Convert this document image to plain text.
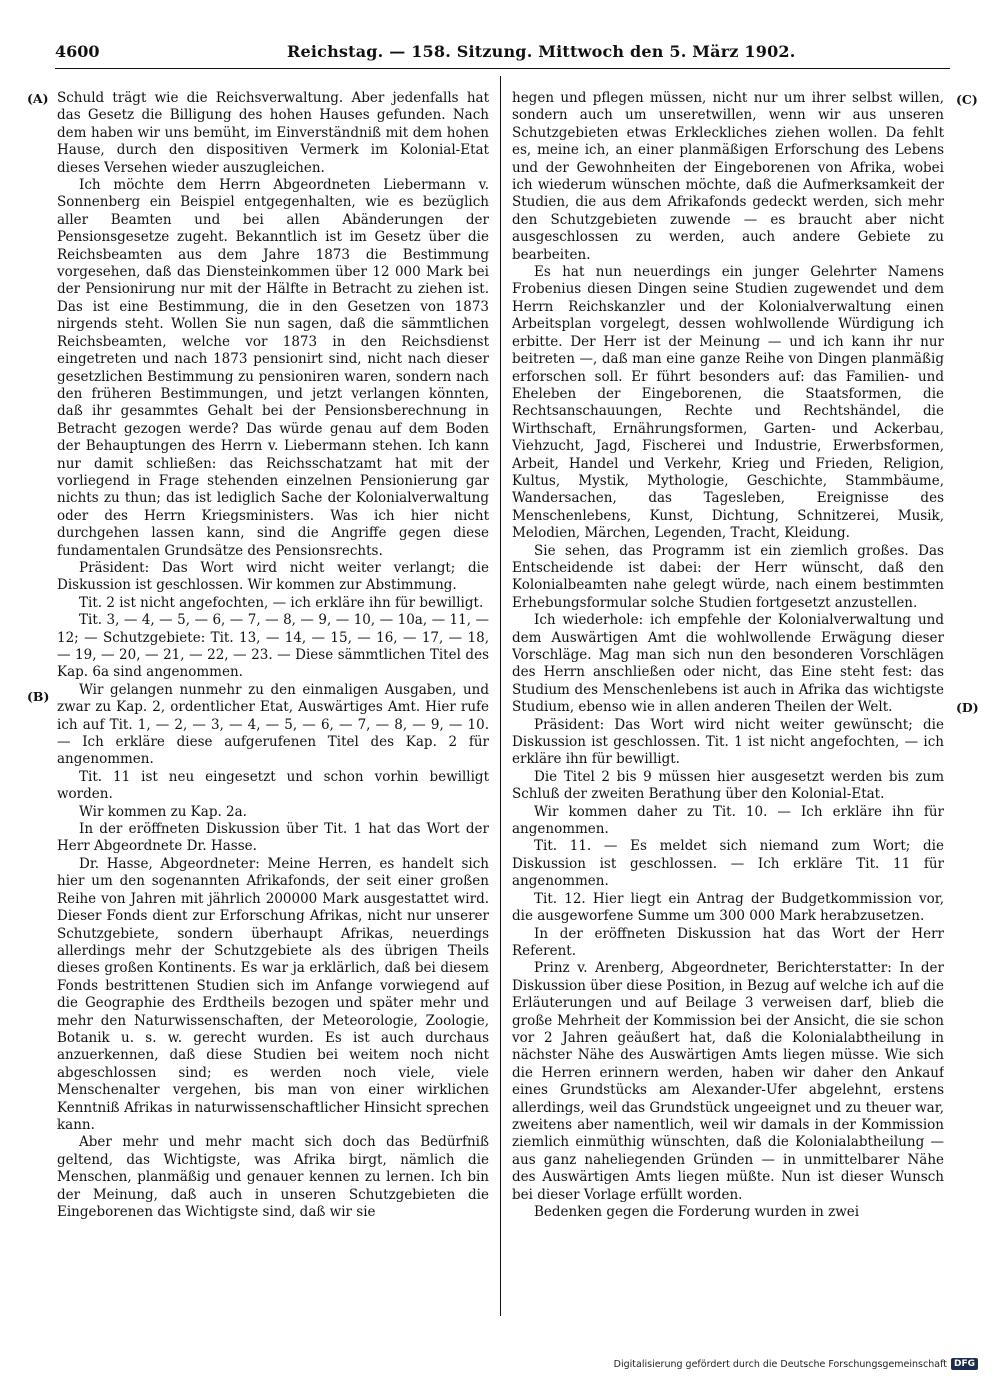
4600	Reichstag. — 158. Sitzung. Mittwoch den 5. März 1902.
(A)
(B)
(C)
(D)

Schuld trägt wie die Reichsverwaltung. Aber jedenfalls hat das Gesetz die Billigung des hohen Hauses gefunden. Nach dem haben wir uns bemüht, im Einverständniß mit dem hohen Hause, durch den dispositiven Vermerk im Kolonial-Etat dieses Versehen wieder auszugleichen.

Ich möchte dem Herrn Abgeordneten Liebermann v. Sonnenberg ein Beispiel entgegenhalten, wie es bezüglich aller Beamten und bei allen Abänderungen der Pensionsgesetze zugeht. Bekanntlich ist im Gesetz über die Reichsbeamten aus dem Jahre 1873 die Bestimmung vorgesehen, daß das Diensteinkommen über 12 000 Mark bei der Pensionirung nur mit der Hälfte in Betracht zu ziehen ist. Das ist eine Bestimmung, die in den Gesetzen von 1873 nirgends steht. Wollen Sie nun sagen, daß die sämmtlichen Reichsbeamten, welche vor 1873 in den Reichsdienst eingetreten und nach 1873 pensionirt sind, nicht nach dieser gesetzlichen Bestimmung zu pensioniren waren, sondern nach den früheren Bestimmungen, und jetzt verlangen könnten, daß ihr gesammtes Gehalt bei der Pensionsberechnung in Betracht gezogen werde? Das würde genau auf dem Boden der Behauptungen des Herrn v. Liebermann stehen. Ich kann nur damit schließen: das Reichsschatzamt hat mit der vorliegend in Frage stehenden einzelnen Pensionierung gar nichts zu thun; das ist lediglich Sache der Kolonialverwaltung oder des Herrn Kriegsministers. Was ich hier nicht durchgehen lassen kann, sind die Angriffe gegen diese fundamentalen Grundsätze des Pensionsrechts.

Präsident: Das Wort wird nicht weiter verlangt; die Diskussion ist geschlossen. Wir kommen zur Abstimmung.

Tit. 2 ist nicht angefochten, — ich erkläre ihn für bewilligt.

Tit. 3, — 4, — 5, — 6, — 7, — 8, — 9, — 10, — 10a, — 11, — 12; — Schutzgebiete: Tit. 13, — 14, — 15, — 16, — 17, — 18, — 19, — 20, — 21, — 22, — 23. — Diese sämmtlichen Titel des Kap. 6a sind angenommen.

Wir gelangen nunmehr zu den einmaligen Ausgaben, und zwar zu Kap. 2, ordentlicher Etat, Auswärtiges Amt. Hier rufe ich auf Tit. 1, — 2, — 3, — 4, — 5, — 6, — 7, — 8, — 9, — 10. — Ich erkläre diese aufgerufenen Titel des Kap. 2 für angenommen.

Tit. 11 ist neu eingesetzt und schon vorhin bewilligt worden.

Wir kommen zu Kap. 2a.

In der eröffneten Diskussion über Tit. 1 hat das Wort der Herr Abgeordnete Dr. Hasse.

Dr. Hasse, Abgeordneter: Meine Herren, es handelt sich hier um den sogenannten Afrikafonds, der seit einer großen Reihe von Jahren mit jährlich 200000 Mark ausgestattet wird. Dieser Fonds dient zur Erforschung Afrikas, nicht nur unserer Schutzgebiete, sondern überhaupt Afrikas, neuerdings allerdings mehr der Schutzgebiete als des übrigen Theils dieses großen Kontinents. Es war ja erklärlich, daß bei diesem Fonds bestrittenen Studien sich im Anfange vorwiegend auf die Geographie des Erdtheils bezogen und später mehr und mehr den Naturwissenschaften, der Meteorologie, Zoologie, Botanik u. s. w. gerecht wurden. Es ist auch durchaus anzuerkennen, daß diese Studien bei weitem noch nicht abgeschlossen sind; es werden noch viele, viele Menschenalter vergehen, bis man von einer wirklichen Kenntniß Afrikas in naturwissenschaftlicher Hinsicht sprechen kann.

Aber mehr und mehr macht sich doch das Bedürfniß geltend, das Wichtigste, was Afrika birgt, nämlich die Menschen, planmäßig und genauer kennen zu lernen. Ich bin der Meinung, daß auch in unseren Schutzgebieten die Eingeborenen das Wichtigste sind, daß wir sie

hegen und pflegen müssen, nicht nur um ihrer selbst willen, sondern auch um unseretwillen, wenn wir aus unseren Schutzgebieten etwas Erkleckliches ziehen wollen. Da fehlt es, meine ich, an einer planmäßigen Erforschung des Lebens und der Gewohnheiten der Eingeborenen von Afrika, wobei ich wiederum wünschen möchte, daß die Aufmerksamkeit der Studien, die aus dem Afrikafonds gedeckt werden, sich mehr den Schutzgebieten zuwende — es braucht aber nicht ausgeschlossen zu werden, auch andere Gebiete zu bearbeiten.

Es hat nun neuerdings ein junger Gelehrter Namens Frobenius diesen Dingen seine Studien zugewendet und dem Herrn Reichskanzler und der Kolonialverwaltung einen Arbeitsplan vorgelegt, dessen wohlwollende Würdigung ich erbitte. Der Herr ist der Meinung — und ich kann ihr nur beitreten —, daß man eine ganze Reihe von Dingen planmäßig erforschen soll. Er führt besonders auf: das Familien- und Eheleben der Eingeborenen, die Staatsformen, die Rechtsanschauungen, Rechte und Rechtshändel, die Wirthschaft, Ernährungsformen, Garten- und Ackerbau, Viehzucht, Jagd, Fischerei und Industrie, Erwerbsformen, Arbeit, Handel und Verkehr, Krieg und Frieden, Religion, Kultus, Mystik, Mythologie, Geschichte, Stammbäume, Wandersachen, das Tagesleben, Ereignisse des Menschenlebens, Kunst, Dichtung, Schnitzerei, Musik, Melodien, Märchen, Legenden, Tracht, Kleidung.

Sie sehen, das Programm ist ein ziemlich großes. Das Entscheidende ist dabei: der Herr wünscht, daß den Kolonialbeamten nahe gelegt würde, nach einem bestimmten Erhebungsformular solche Studien fortgesetzt anzustellen.

Ich wiederhole: ich empfehle der Kolonialverwaltung und dem Auswärtigen Amt die wohlwollende Erwägung dieser Vorschläge. Mag man sich nun den besonderen Vorschlägen des Herrn anschließen oder nicht, das Eine steht fest: das Studium des Menschenlebens ist auch in Afrika das wichtigste Studium, ebenso wie in allen anderen Theilen der Welt.

Präsident: Das Wort wird nicht weiter gewünscht; die Diskussion ist geschlossen. Tit. 1 ist nicht angefochten, — ich erkläre ihn für bewilligt.

Die Titel 2 bis 9 müssen hier ausgesetzt werden bis zum Schluß der zweiten Berathung über den Kolonial-Etat.

Wir kommen daher zu Tit. 10. — Ich erkläre ihn für angenommen.

Tit. 11. — Es meldet sich niemand zum Wort; die Diskussion ist geschlossen. — Ich erkläre Tit. 11 für angenommen.

Tit. 12. Hier liegt ein Antrag der Budgetkommission vor, die ausgeworfene Summe um 300 000 Mark herabzusetzen.

In der eröffneten Diskussion hat das Wort der Herr Referent.

Prinz v. Arenberg, Abgeordneter, Berichterstatter: In der Diskussion über diese Position, in Bezug auf welche ich auf die Erläuterungen und auf Beilage 3 verweisen darf, blieb die große Mehrheit der Kommission bei der Ansicht, die sie schon vor 2 Jahren geäußert hat, daß die Kolonialabtheilung in nächster Nähe des Auswärtigen Amts liegen müsse. Wie sich die Herren erinnern werden, haben wir daher den Ankauf eines Grundstücks am Alexander-Ufer abgelehnt, erstens allerdings, weil das Grundstück ungeeignet und zu theuer war, zweitens aber namentlich, weil wir damals in der Kommission ziemlich einmüthig wünschten, daß die Kolonialabtheilung — aus ganz naheliegenden Gründen — in unmittelbarer Nähe des Auswärtigen Amts liegen müßte. Nun ist dieser Wunsch bei dieser Vorlage erfüllt worden.

Bedenken gegen die Forderung wurden in zwei

Digitalisierung gefördert durch die Deutsche Forschungsgemeinschaft DFG
